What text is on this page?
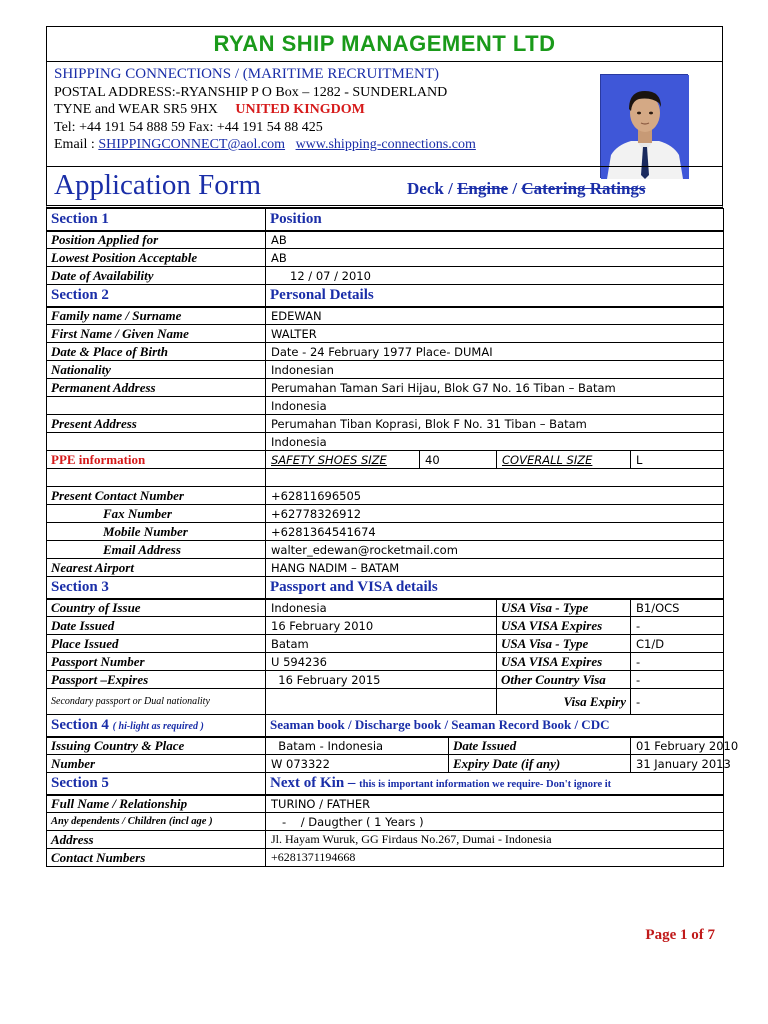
RYAN SHIP MANAGEMENT LTD
SHIPPING CONNECTIONS / (MARITIME RECRUITMENT)
POSTAL ADDRESS:-RYANSHIP P O Box – 1282 - SUNDERLAND
TYNE and WEAR SR5 9HX UNITED KINGDOM
Tel: +44 191 54 888 59 Fax: +44 191 54 88 425
Email : SHIPPINGCONNECT@aol.com www.shipping-connections.com
Application Form	Deck / Engine / Catering Ratings
Section 1	Position				
Position Applied for	AB				
Lowest Position Acceptable	AB				
Date of Availability	12 / 07 / 2010				
Section 2	Personal Details				
Family name / Surname	EDEWAN				
First Name / Given Name	WALTER				
Date & Place of Birth	Date - 24 February 1977 Place- DUMAI				
Nationality	Indonesian				
Permanent Address	Perumahan Taman Sari Hijau, Blok G7 No. 16 Tiban – Batam				
	Indonesia				
Present Address	Perumahan Tiban Koprasi, Blok F No. 31 Tiban – Batam				
	Indonesia				
PPE information	SAFETY SHOES SIZE	40		COVERALL SIZE	L

Present Contact Number	+62811696505				
Fax Number	+62778326912				
Mobile Number	+6281364541674				
Email Address	walter_edewan@rocketmail.com				
Nearest Airport	HANG NADIM – BATAM				
Section 3	Passport and VISA details				
Country of Issue	Indonesia			USA Visa - Type	B1/OCS
Date Issued	16 February 2010			USA VISA Expires	-
Place Issued	Batam			USA Visa - Type	C1/D
Passport Number	U 594236			USA VISA Expires	-
Passport –Expires	16 February 2015			Other Country Visa	-
Secondary passport or Dual nationality				Visa Expiry	-
Section 4 ( hi-light as required )	Seaman book / Discharge book / Seaman Record Book / CDC				
Issuing Country & Place	Batam - Indonesia		Date Issued		01 February 2010
Number	W 073322		Expiry Date (if any)		31 January 2013
Section 5	Next of Kin – this is important information we require- Don't ignore it				
Full Name / Relationship	TURINO / FATHER				
Any dependents / Children (incl age )	-    / Daugther ( 1 Years )				
Address	Jl. Hayam Wuruk, GG Firdaus No.267, Dumai - Indonesia				
Contact Numbers	+6281371194668				
Page 1 of 7
